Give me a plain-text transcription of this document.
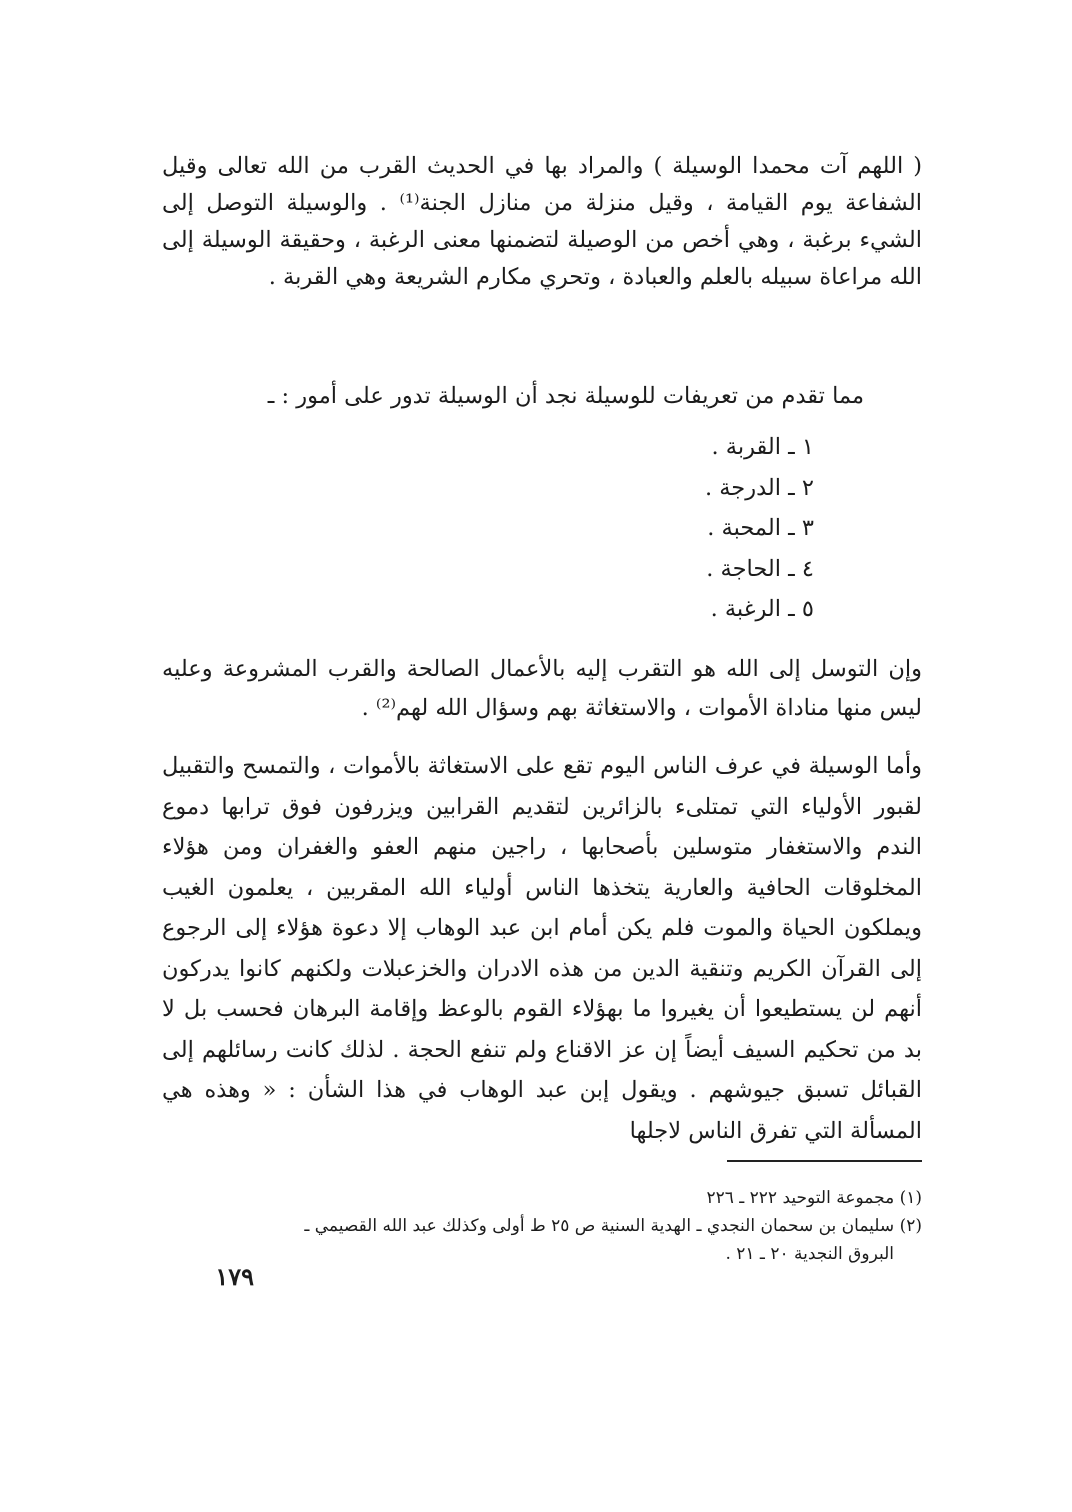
( اللهم آت محمدا الوسيلة ) والمراد بها في الحديث القرب من الله تعالى وقيل الشفاعة يوم القيامة ، وقيل منزلة من منازل الجنة⁽¹⁾ . والوسيلة التوصل إلى الشيء برغبة ، وهي أخص من الوصيلة لتضمنها معنى الرغبة ، وحقيقة الوسيلة إلى الله مراعاة سبيله بالعلم والعبادة ، وتحري مكارم الشريعة وهي القربة .

مما تقدم من تعريفات للوسيلة نجد أن الوسيلة تدور على أمور : ـ

١ ـ القربة .
٢ ـ الدرجة .
٣ ـ المحبة .
٤ ـ الحاجة .
٥ ـ الرغبة .

وإن التوسل إلى الله هو التقرب إليه بالأعمال الصالحة والقرب المشروعة وعليه ليس منها مناداة الأموات ، والاستغاثة بهم وسؤال الله لهم⁽²⁾ .

وأما الوسيلة في عرف الناس اليوم تقع على الاستغاثة بالأموات ، والتمسح والتقبيل لقبور الأولياء التي تمتلىء بالزائرين لتقديم القرابين ويزرفون فوق ترابها دموع الندم والاستغفار متوسلين بأصحابها ، راجين منهم العفو والغفران ومن هؤلاء المخلوقات الحافية والعارية يتخذها الناس أولياء الله المقربين ، يعلمون الغيب ويملكون الحياة والموت فلم يكن أمام ابن عبد الوهاب إلا دعوة هؤلاء إلى الرجوع إلى القرآن الكريم وتنقية الدين من هذه الادران والخزعبلات ولكنهم كانوا يدركون أنهم لن يستطيعوا أن يغيروا ما بهؤلاء القوم بالوعظ وإقامة البرهان فحسب بل لا بد من تحكيم السيف أيضاً إن عز الاقناع ولم تنفع الحجة . لذلك كانت رسائلهم إلى القبائل تسبق جيوشهم . ويقول إبن عبد الوهاب في هذا الشأن : « وهذه هي المسألة التي تفرق الناس لاجلها

(١) مجموعة التوحيد ٢٢٢ ـ ٢٢٦

(٢) سليمان بن سحمان النجدي ـ الهدية السنية ص ٢٥ ط أولى وكذلك عبد الله القصيمي ـ

البروق النجدية ٢٠ ـ ٢١ .

١٧٩
